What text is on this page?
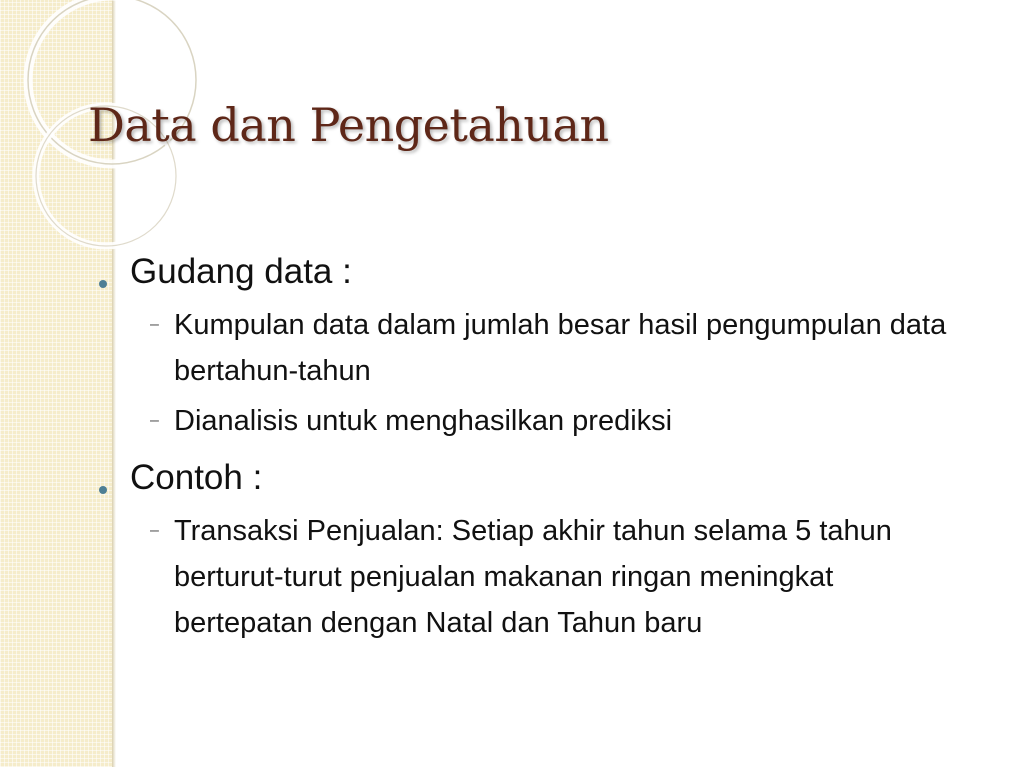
Data dan Pengetahuan
Gudang data :
– Kumpulan data dalam jumlah besar hasil pengumpulan data bertahun-tahun
– Dianalisis untuk menghasilkan prediksi
Contoh :
– Transaksi Penjualan: Setiap akhir tahun selama 5 tahun berturut-turut penjualan makanan ringan meningkat bertepatan dengan Natal dan Tahun baru
